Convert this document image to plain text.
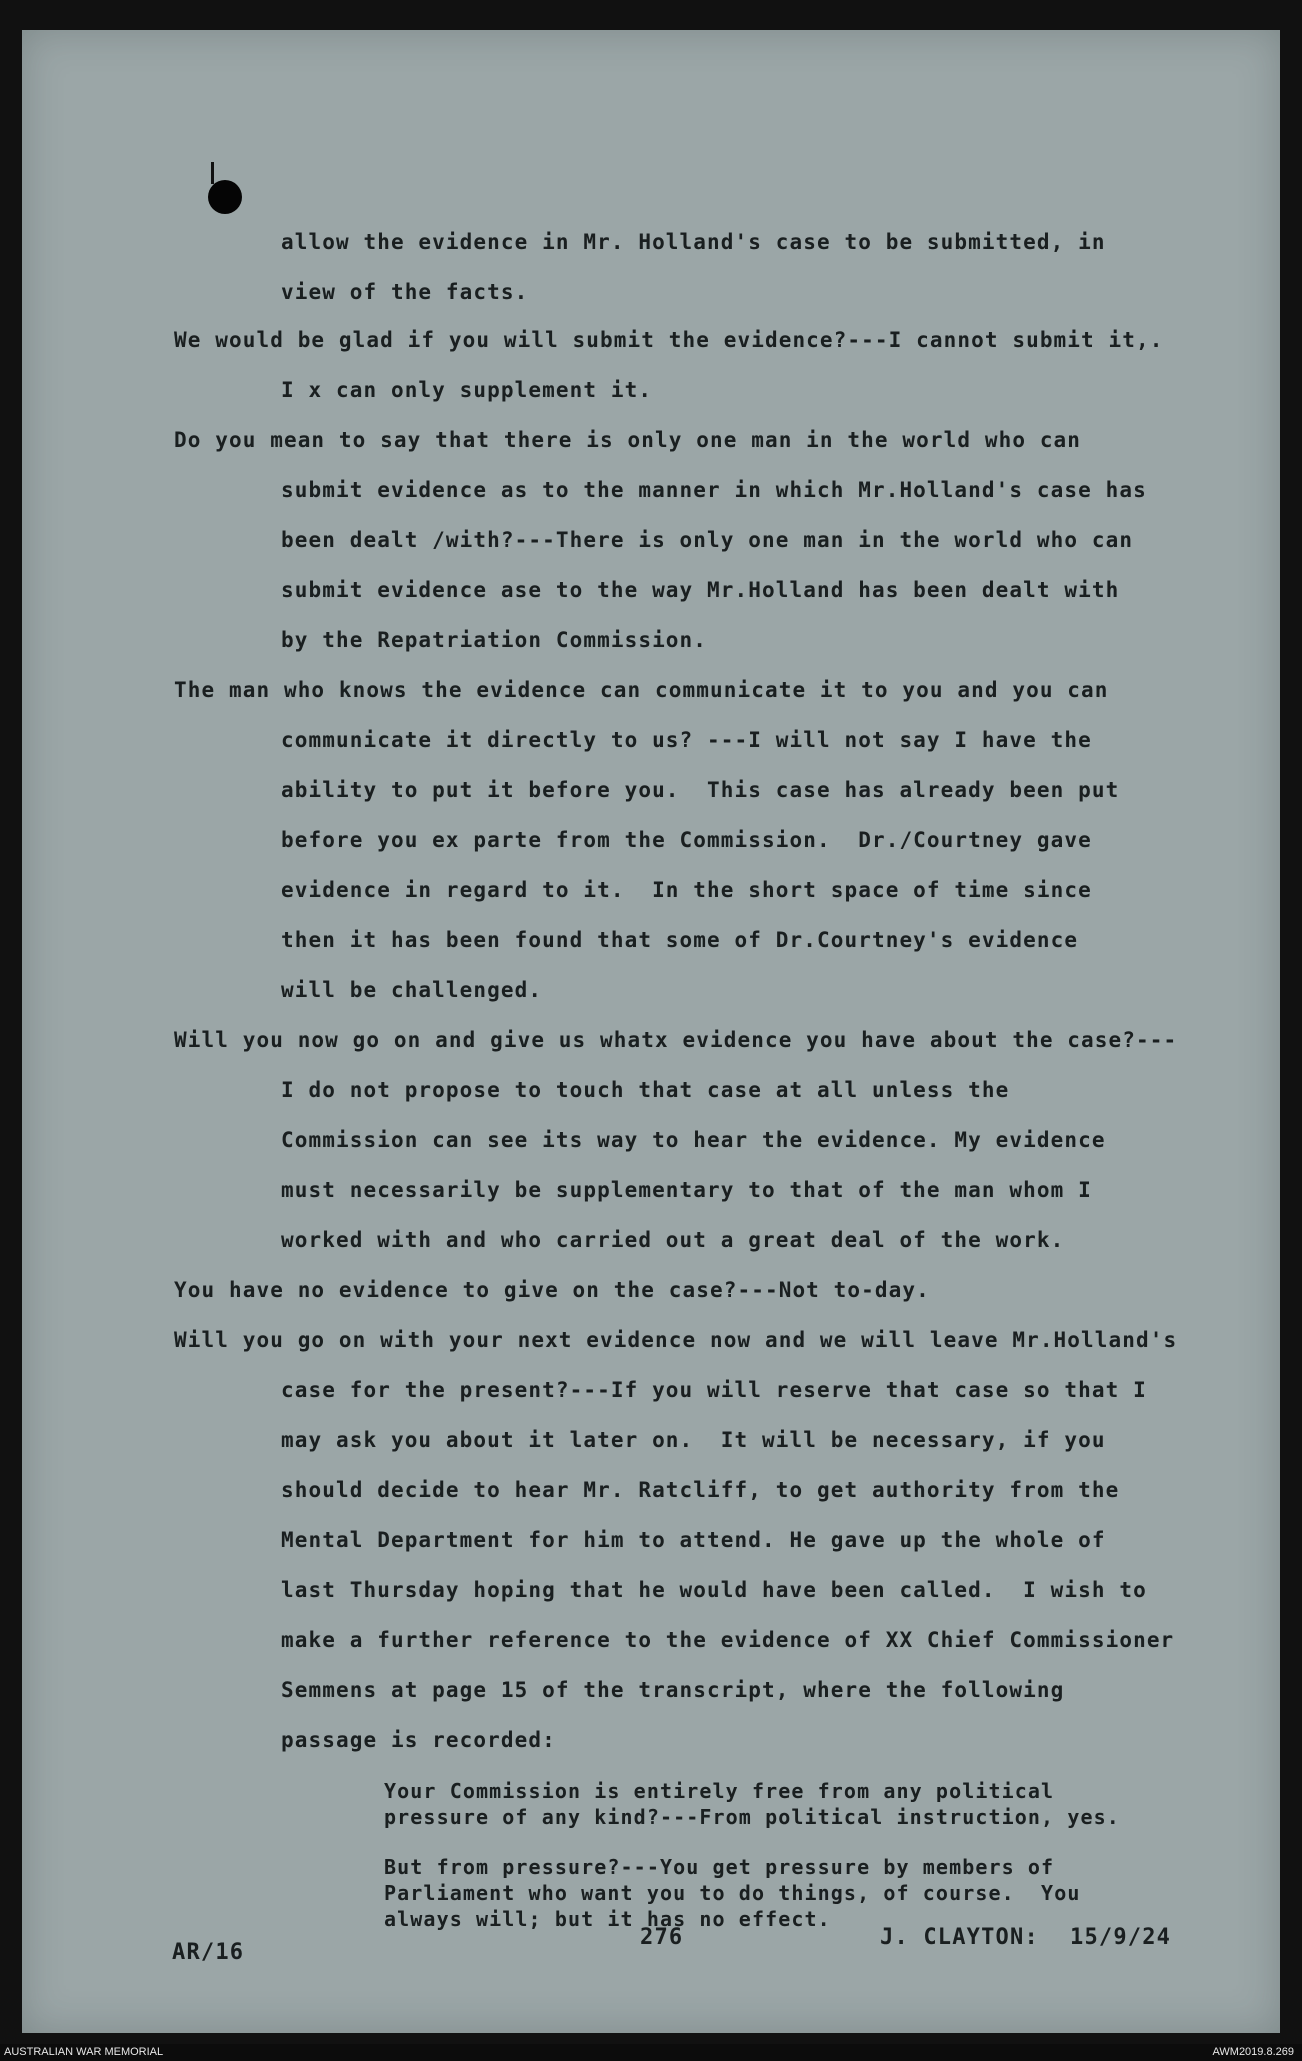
allow the evidence in Mr. Holland's case to be submitted, in
view of the facts.
We would be glad if you will submit the evidence?---I cannot submit it,.
I x can only supplement it.
Do you mean to say that there is only one man in the world who can
submit evidence as to the manner in which Mr.Holland's case has
been dealt /with?---There is only one man in the world who can
submit evidence ase to the way Mr.Holland has been dealt with
by the Repatriation Commission.
The man who knows the evidence can communicate it to you and you can
communicate it directly to us? ---I will not say I have the
ability to put it before you.  This case has already been put
before you ex parte from the Commission.  Dr./Courtney gave
evidence in regard to it.  In the short space of time since
then it has been found that some of Dr.Courtney's evidence
will be challenged.
Will you now go on and give us whatx evidence you have about the case?---
I do not propose to touch that case at all unless the
Commission can see its way to hear the evidence. My evidence
must necessarily be supplementary to that of the man whom I
worked with and who carried out a great deal of the work.
You have no evidence to give on the case?---Not to-day.
Will you go on with your next evidence now and we will leave Mr.Holland's
case for the present?---If you will reserve that case so that I
may ask you about it later on.  It will be necessary, if you
should decide to hear Mr. Ratcliff, to get authority from the
Mental Department for him to attend. He gave up the whole of
last Thursday hoping that he would have been called.  I wish to
make a further reference to the evidence of XX Chief Commissioner
Semmens at page 15 of the transcript, where the following
passage is recorded:
Your Commission is entirely free from any political
pressure of any kind?---From political instruction, yes.
But from pressure?---You get pressure by members of
Parliament who want you to do things, of course.  You
always will; but it has no effect.
AR/16
276	J. CLAYTON: 15/9/24
AUSTRALIAN WAR MEMORIAL	AWM2019.8.269
